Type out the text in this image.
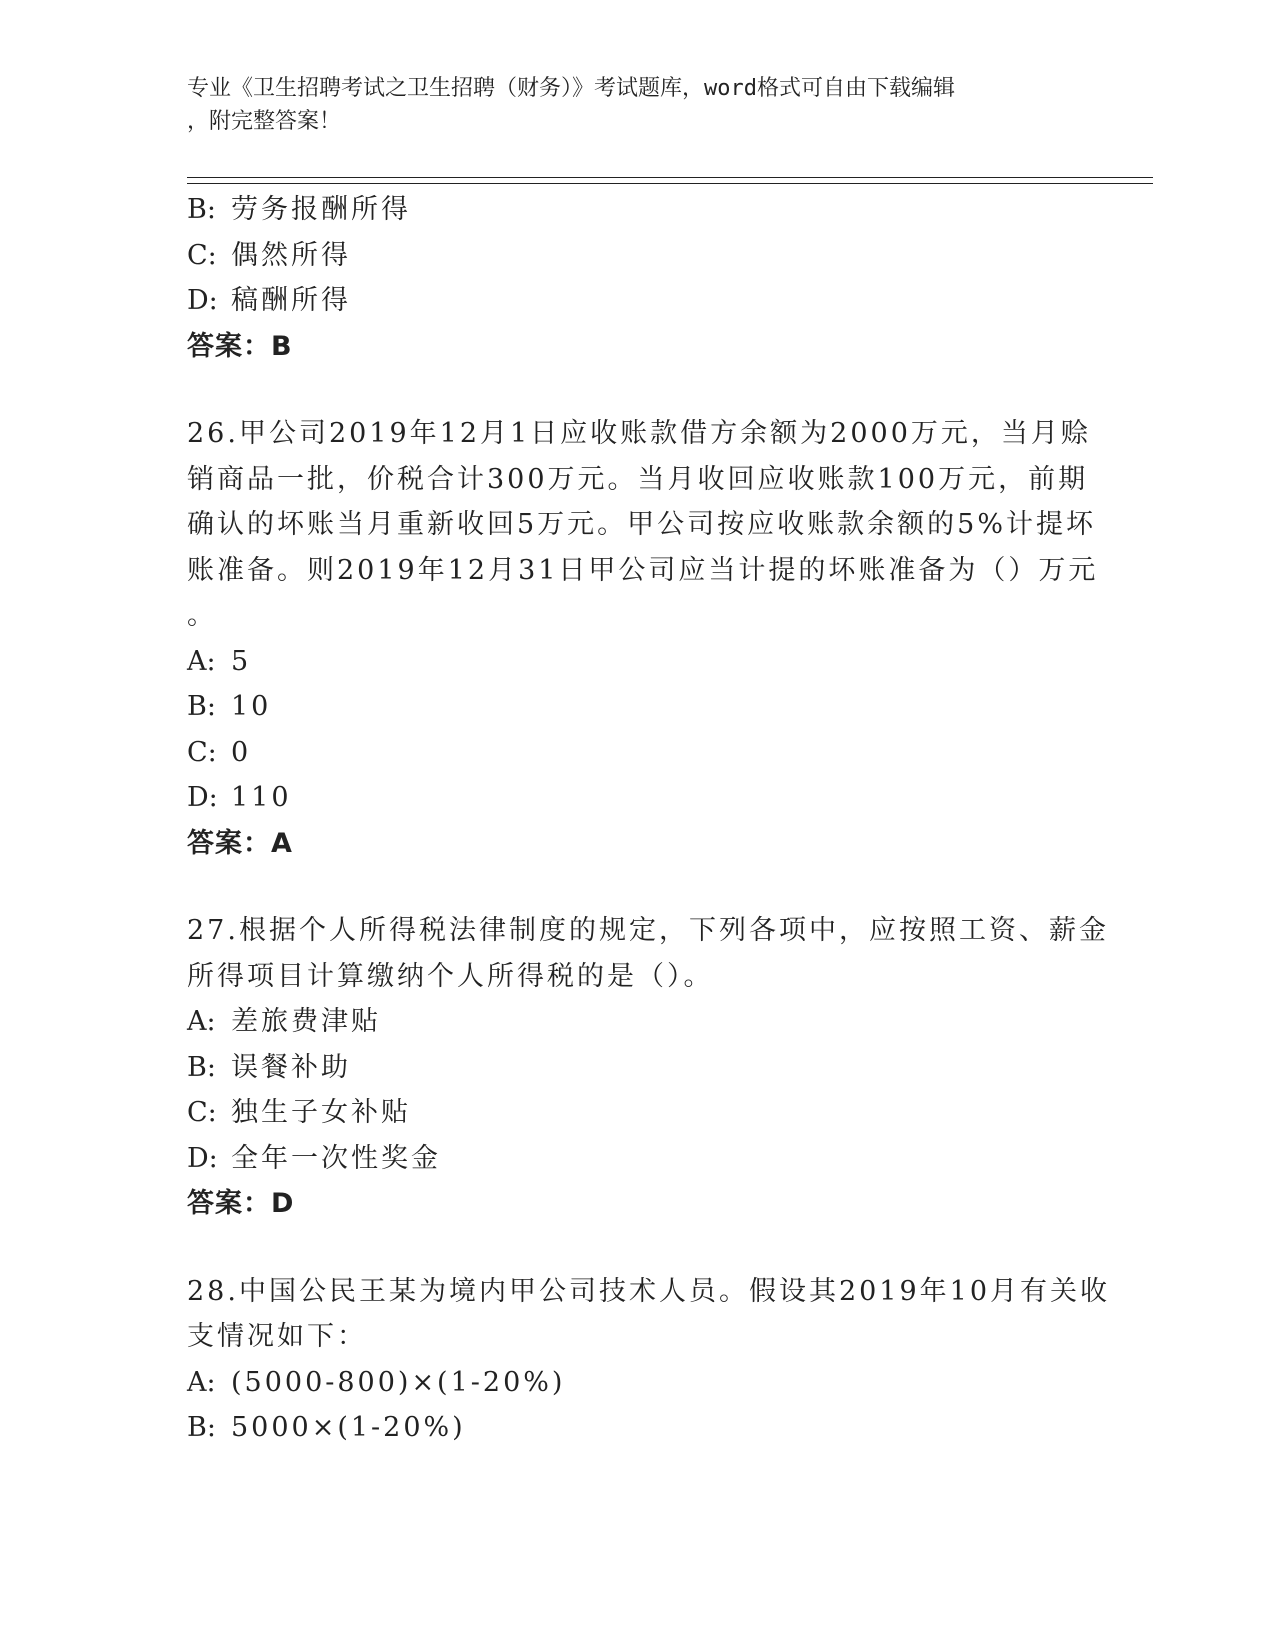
专业《卫生招聘考试之卫生招聘（财务）》考试题库，word格式可自由下载编辑
，附完整答案！
B: 劳务报酬所得
C: 偶然所得
D: 稿酬所得
答案：B
26.甲公司2019年12月1日应收账款借方余额为2000万元，当月赊
销商品一批，价税合计300万元。当月收回应收账款100万元，前期
确认的坏账当月重新收回5万元。甲公司按应收账款余额的5%计提坏
账准备。则2019年12月31日甲公司应当计提的坏账准备为（）万元
。
A: 5
B: 10
C: 0
D: 110
答案：A
27.根据个人所得税法律制度的规定，下列各项中，应按照工资、薪金
所得项目计算缴纳个人所得税的是（）。
A: 差旅费津贴
B: 误餐补助
C: 独生子女补贴
D: 全年一次性奖金
答案：D
28.中国公民王某为境内甲公司技术人员。假设其2019年10月有关收
支情况如下：
A: (5000-800)×(1-20%)
B: 5000×(1-20%)
